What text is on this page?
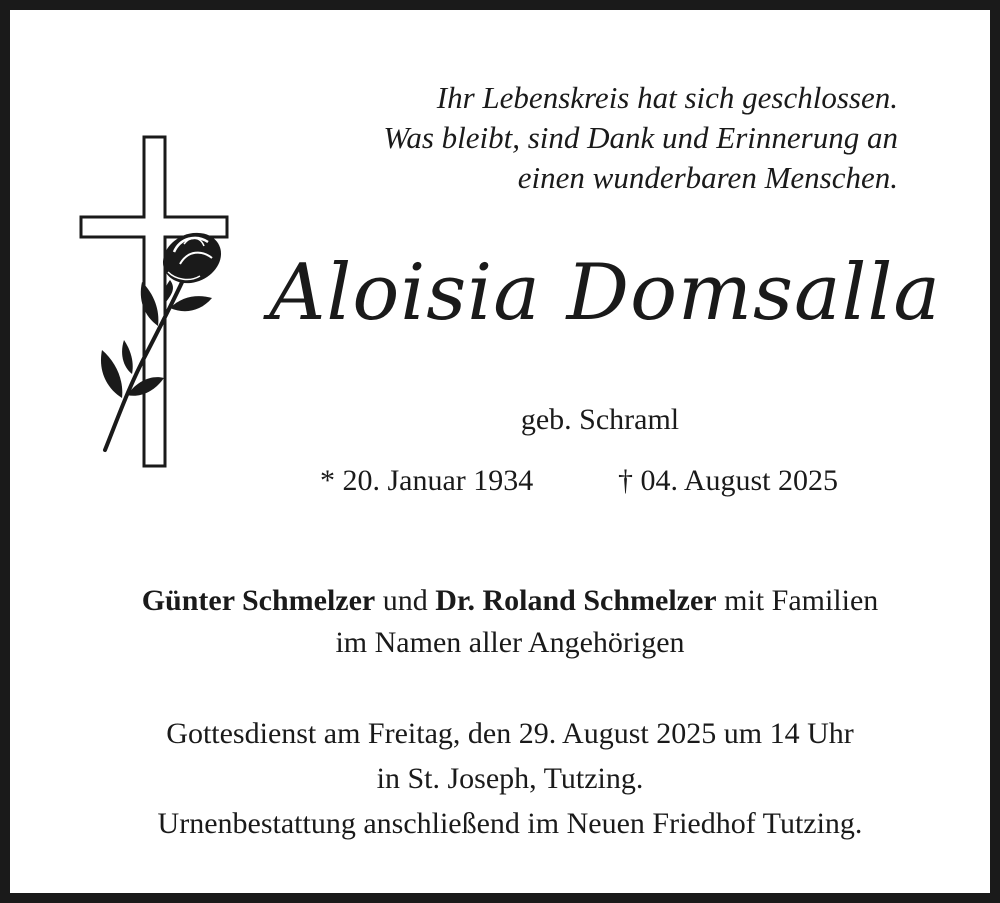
Ihr Lebenskreis hat sich geschlossen.
Was bleibt, sind Dank und Erinnerung an
einen wunderbaren Menschen.
Aloisia Domsalla
geb. Schraml
* 20. Januar 1934	† 04. August 2025
Günter Schmelzer und Dr. Roland Schmelzer mit Familien
im Namen aller Angehörigen
Gottesdienst am Freitag, den 29. August 2025 um 14 Uhr
in St. Joseph, Tutzing.
Urnenbestattung anschließend im Neuen Friedhof Tutzing.
